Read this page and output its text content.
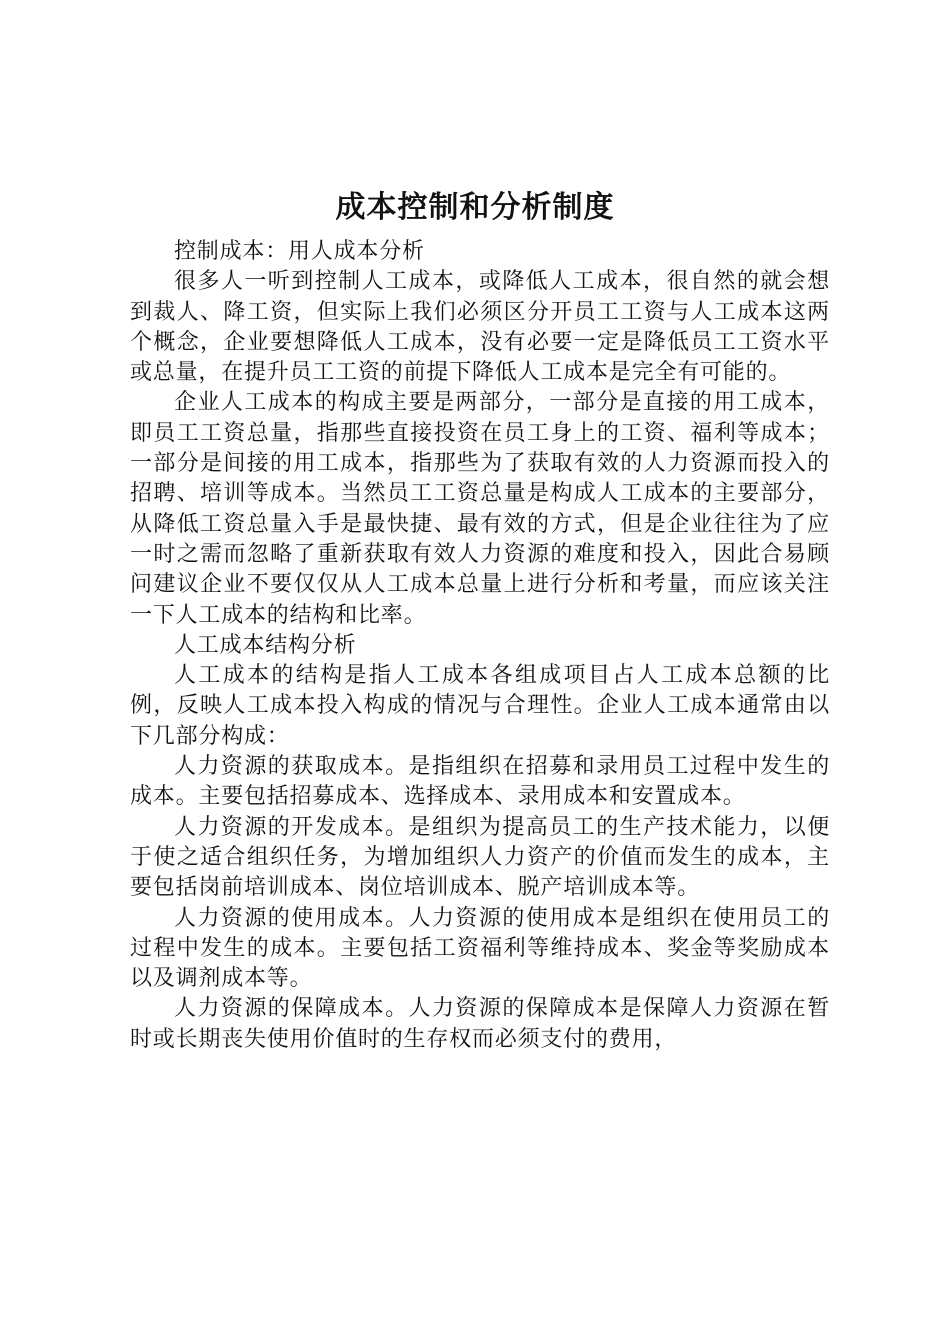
成本控制和分析制度

控制成本：用人成本分析

很多人一听到控制人工成本，或降低人工成本，很自然的就会想到裁人、降工资，但实际上我们必须区分开员工工资与人工成本这两个概念，企业要想降低人工成本，没有必要一定是降低员工工资水平或总量，在提升员工工资的前提下降低人工成本是完全有可能的。

企业人工成本的构成主要是两部分，一部分是直接的用工成本，即员工工资总量，指那些直接投资在员工身上的工资、福利等成本；一部分是间接的用工成本，指那些为了获取有效的人力资源而投入的招聘、培训等成本。当然员工工资总量是构成人工成本的主要部分，从降低工资总量入手是最快捷、最有效的方式，但是企业往往为了应一时之需而忽略了重新获取有效人力资源的难度和投入，因此合易顾问建议企业不要仅仅从人工成本总量上进行分析和考量，而应该关注一下人工成本的结构和比率。

人工成本结构分析

人工成本的结构是指人工成本各组成项目占人工成本总额的比例，反映人工成本投入构成的情况与合理性。企业人工成本通常由以下几部分构成：

人力资源的获取成本。是指组织在招募和录用员工过程中发生的成本。主要包括招募成本、选择成本、录用成本和安置成本。

人力资源的开发成本。是组织为提高员工的生产技术能力，以便于使之适合组织任务，为增加组织人力资产的价值而发生的成本，主要包括岗前培训成本、岗位培训成本、脱产培训成本等。

人力资源的使用成本。人力资源的使用成本是组织在使用员工的过程中发生的成本。主要包括工资福利等维持成本、奖金等奖励成本以及调剂成本等。

人力资源的保障成本。人力资源的保障成本是保障人力资源在暂时或长期丧失使用价值时的生存权而必须支付的费用，
